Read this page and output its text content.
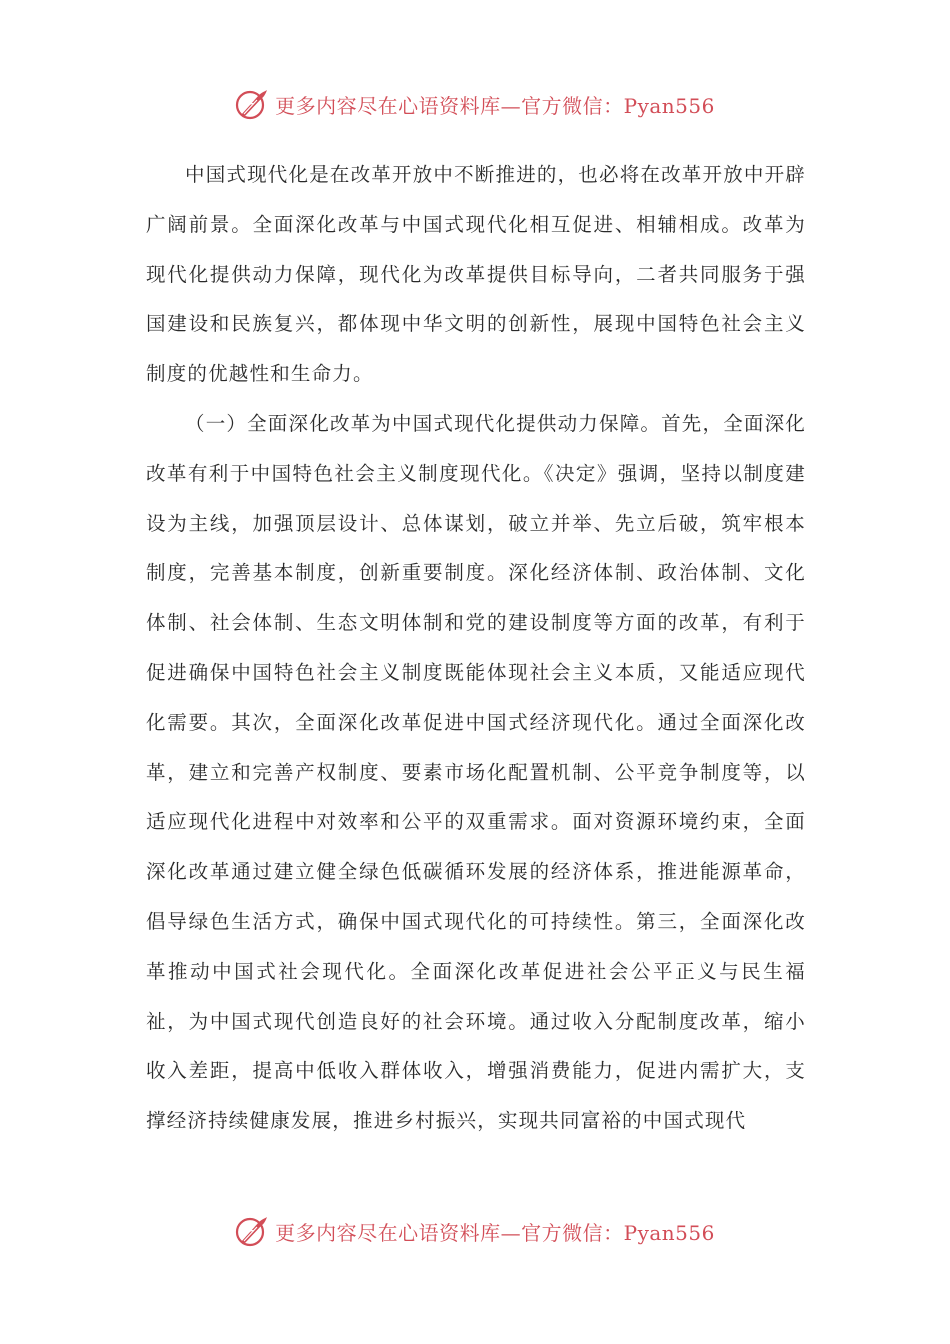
更多内容尽在心语资料库—官方微信：Pyan556

中国式现代化是在改革开放中不断推进的，也必将在改革开放中开辟广阔前景。全面深化改革与中国式现代化相互促进、相辅相成。改革为现代化提供动力保障，现代化为改革提供目标导向，二者共同服务于强国建设和民族复兴，都体现中华文明的创新性，展现中国特色社会主义制度的优越性和生命力。

（一）全面深化改革为中国式现代化提供动力保障。首先，全面深化改革有利于中国特色社会主义制度现代化。《决定》强调，坚持以制度建设为主线，加强顶层设计、总体谋划，破立并举、先立后破，筑牢根本制度，完善基本制度，创新重要制度。深化经济体制、政治体制、文化体制、社会体制、生态文明体制和党的建设制度等方面的改革，有利于促进确保中国特色社会主义制度既能体现社会主义本质，又能适应现代化需要。其次，全面深化改革促进中国式经济现代化。通过全面深化改革，建立和完善产权制度、要素市场化配置机制、公平竞争制度等，以适应现代化进程中对效率和公平的双重需求。面对资源环境约束，全面深化改革通过建立健全绿色低碳循环发展的经济体系，推进能源革命，倡导绿色生活方式，确保中国式现代化的可持续性。第三，全面深化改革推动中国式社会现代化。全面深化改革促进社会公平正义与民生福祉，为中国式现代创造良好的社会环境。通过收入分配制度改革，缩小收入差距，提高中低收入群体收入，增强消费能力，促进内需扩大，支撑经济持续健康发展，推进乡村振兴，实现共同富裕的中国式现代

更多内容尽在心语资料库—官方微信：Pyan556
